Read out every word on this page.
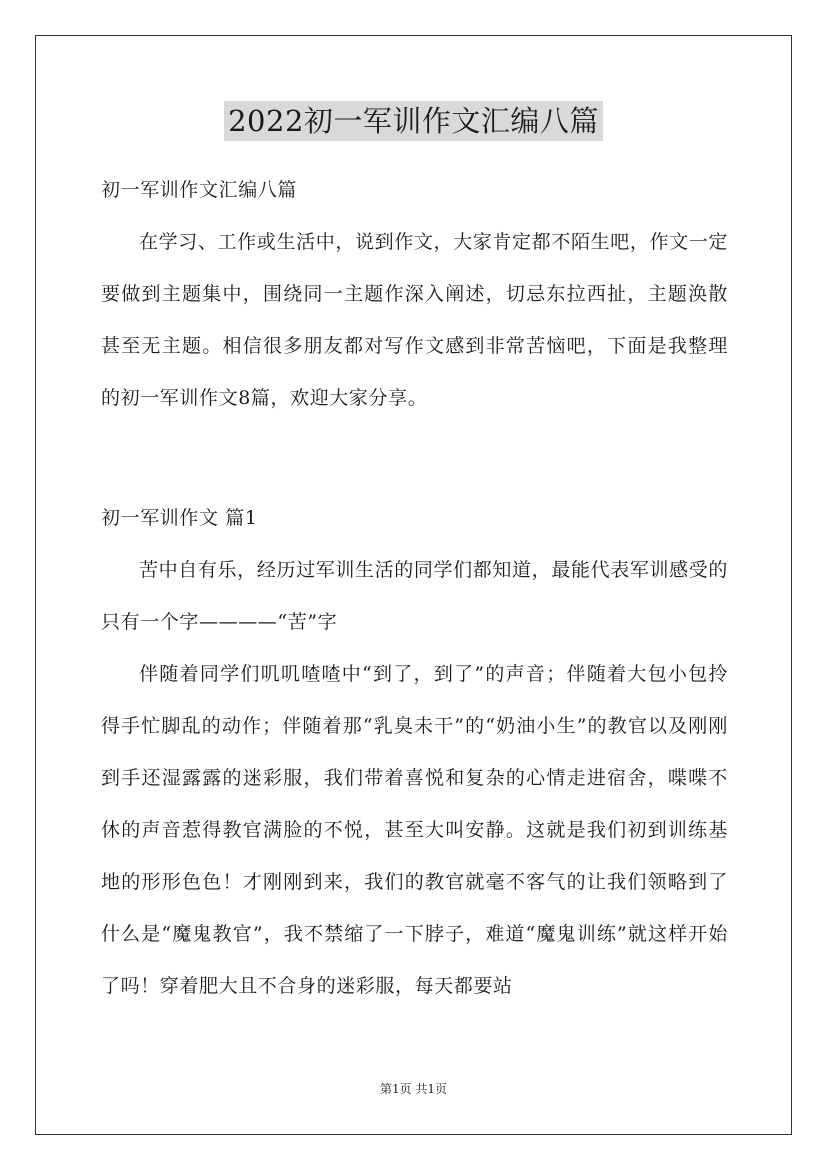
2022初一军训作文汇编八篇

初一军训作文汇编八篇

在学习、工作或生活中，说到作文，大家肯定都不陌生吧，作文一定要做到主题集中，围绕同一主题作深入阐述，切忌东拉西扯，主题涣散甚至无主题。相信很多朋友都对写作文感到非常苦恼吧，下面是我整理的初一军训作文8篇，欢迎大家分享。

初一军训作文 篇1

苦中自有乐，经历过军训生活的同学们都知道，最能代表军训感受的只有一个字————“苦”字

伴随着同学们叽叽喳喳中“到了，到了”的声音；伴随着大包小包拎得手忙脚乱的动作；伴随着那“乳臭未干”的“奶油小生”的教官以及刚刚到手还湿露露的迷彩服，我们带着喜悦和复杂的心情走进宿舍，喋喋不休的声音惹得教官满脸的不悦，甚至大叫安静。这就是我们初到训练基地的形形色色！才刚刚到来，我们的教官就毫不客气的让我们领略到了什么是“魔鬼教官”，我不禁缩了一下脖子，难道“魔鬼训练”就这样开始了吗！穿着肥大且不合身的迷彩服，每天都要站

第1页 共1页
